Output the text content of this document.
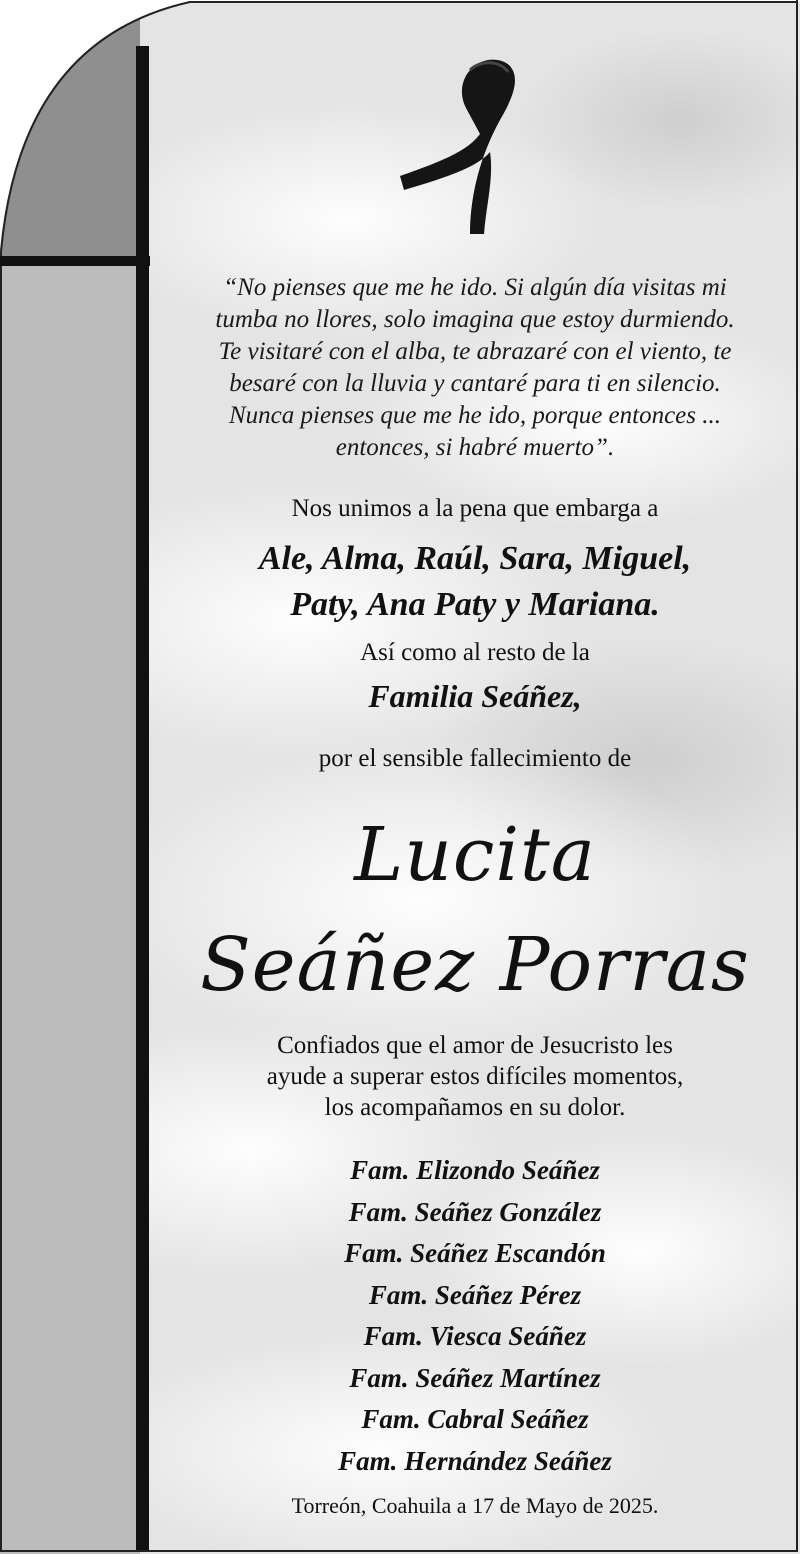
“No pienses que me he ido. Si algún día visitas mi
tumba no llores, solo imagina que estoy durmiendo.
Te visitaré con el alba, te abrazaré con el viento, te
besaré con la lluvia y cantaré para ti en silencio.
Nunca pienses que me he ido, porque entonces ...
entonces, si habré muerto”.
Nos unimos a la pena que embarga a
Ale, Alma, Raúl, Sara, Miguel,
Paty, Ana Paty y Mariana.
Así como al resto de la
Familia Seáñez,
por el sensible fallecimiento de
Lucita
Seáñez Porras
Confiados que el amor de Jesucristo les
ayude a superar estos difíciles momentos,
los acompañamos en su dolor.
Fam. Elizondo Seáñez
Fam. Seáñez González
Fam. Seáñez Escandón
Fam. Seáñez Pérez
Fam. Viesca Seáñez
Fam. Seáñez Martínez
Fam. Cabral Seáñez
Fam. Hernández Seáñez
Torreón, Coahuila a 17 de Mayo de 2025.
